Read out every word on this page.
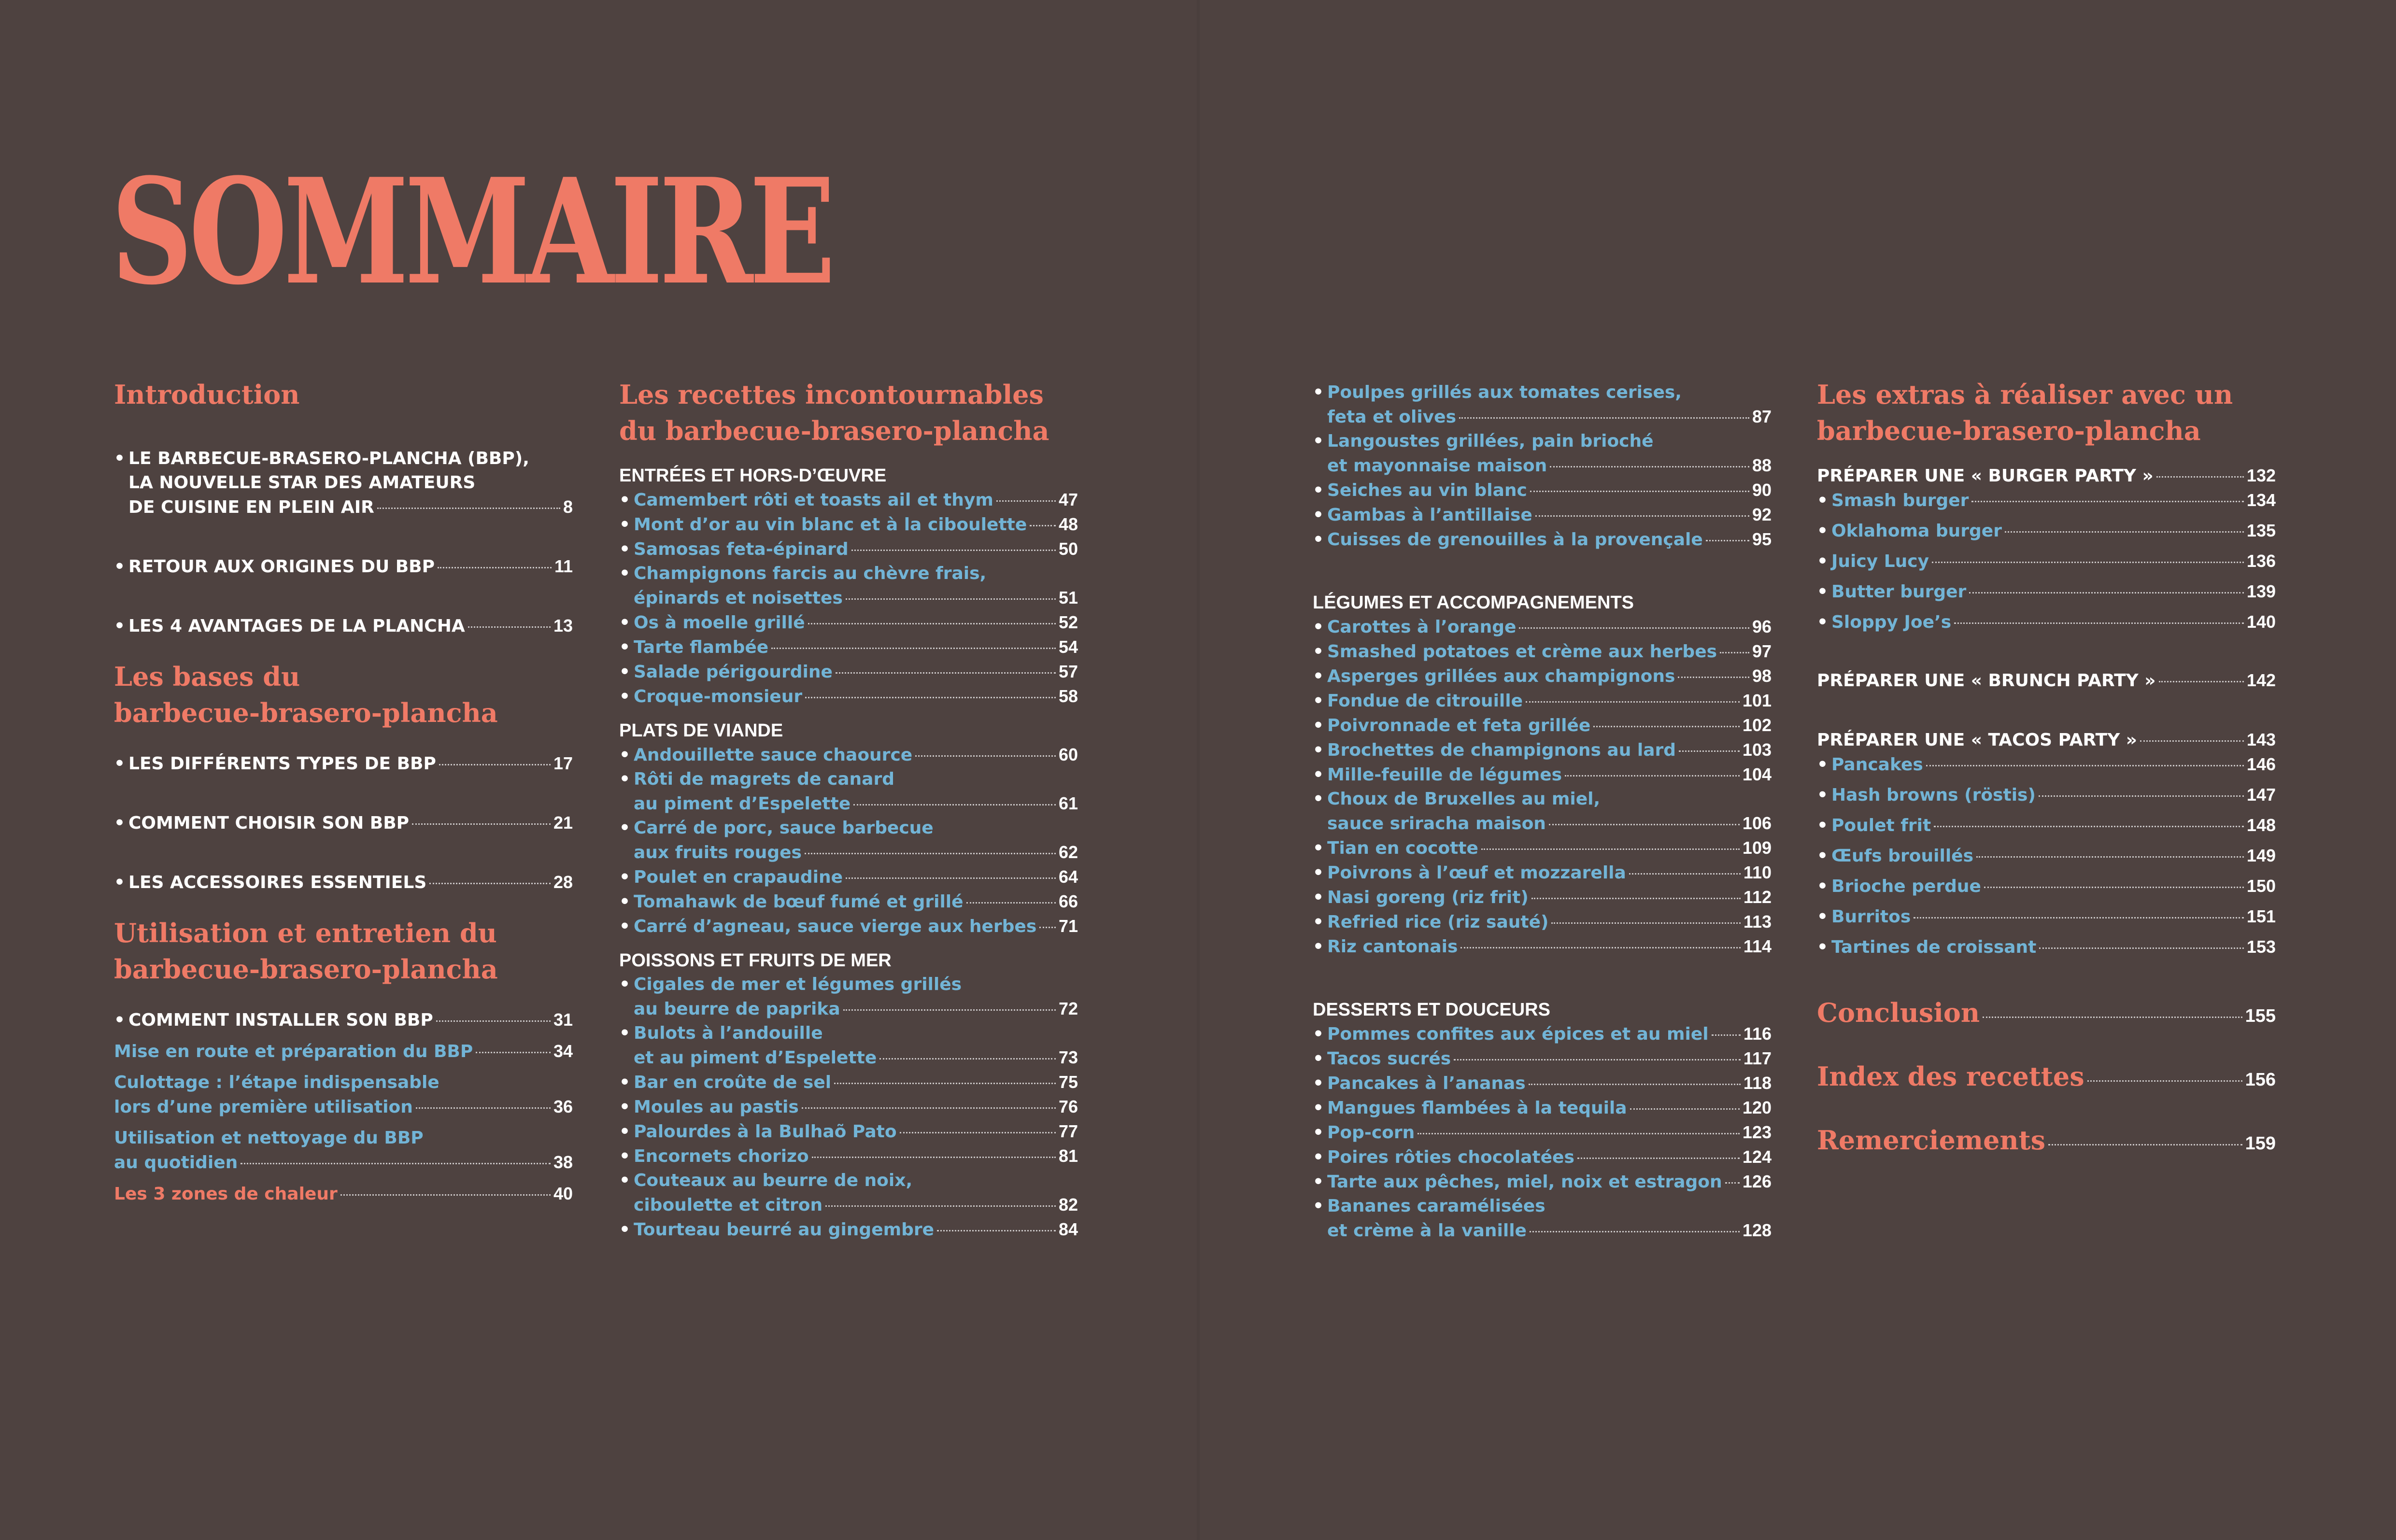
SOMMAIRE
Introduction
• LE BARBECUE-BRASERO-PLANCHA (BBP),
LA NOUVELLE STAR DES AMATEURS
DE CUISINE EN PLEIN AIR	8
• RETOUR AUX ORIGINES DU BBP	11
• LES 4 AVANTAGES DE LA PLANCHA	13
Les bases du
barbecue-brasero-plancha
• LES DIFFÉRENTS TYPES DE BBP	17
• COMMENT CHOISIR SON BBP	21
• LES ACCESSOIRES ESSENTIELS	28
Utilisation et entretien du
barbecue-brasero-plancha
• COMMENT INSTALLER SON BBP	31
Mise en route et préparation du BBP	34
Culottage : l’étape indispensable
lors d’une première utilisation	36
Utilisation et nettoyage du BBP
au quotidien	38
Les 3 zones de chaleur	40
Les recettes incontournables
du barbecue-brasero-plancha
ENTRÉES ET HORS-D’ŒUVRE
• Camembert rôti et toasts ail et thym	47
• Mont d’or au vin blanc et à la ciboulette 48
• Samosas feta-épinard	50
• Champignons farcis au chèvre frais,
épinards et noisettes	51
• Os à moelle grillé	52
• Tarte flambée	54
• Salade périgourdine	57
• Croque-monsieur	58
PLATS DE VIANDE
• Andouillette sauce chaource	60
• Rôti de magrets de canard
au piment d’Espelette	61
• Carré de porc, sauce barbecue
aux fruits rouges	62
• Poulet en crapaudine	64
• Tomahawk de bœuf fumé et grillé	66
• Carré d’agneau, sauce vierge aux herbes 71
POISSONS ET FRUITS DE MER
• Cigales de mer et légumes grillés
au beurre de paprika	72
• Bulots à l’andouille
et au piment d’Espelette	73
• Bar en croûte de sel	75
• Moules au pastis	76
• Palourdes à la Bulhaõ Pato	77
• Encornets chorizo	81
• Couteaux au beurre de noix,
ciboulette et citron	82
• Tourteau beurré au gingembre	84
• Poulpes grillés aux tomates cerises,
feta et olives	87
• Langoustes grillées, pain brioché
et mayonnaise maison	88
• Seiches au vin blanc	90
• Gambas à l’antillaise	92
• Cuisses de grenouilles à la provençale	95
LÉGUMES ET ACCOMPAGNEMENTS
• Carottes à l’orange	96
• Smashed potatoes et crème aux herbes 97
• Asperges grillées aux champignons	98
• Fondue de citrouille	101
• Poivronnade et feta grillée	102
• Brochettes de champignons au lard	103
• Mille-feuille de légumes	104
• Choux de Bruxelles au miel,
sauce sriracha maison	106
• Tian en cocotte	109
• Poivrons à l’œuf et mozzarella	110
• Nasi goreng (riz frit)	112
• Refried rice (riz sauté)	113
• Riz cantonais	114
DESSERTS ET DOUCEURS
• Pommes confites aux épices et au miel 116
• Tacos sucrés	117
• Pancakes à l’ananas	118
• Mangues flambées à la tequila	120
• Pop-corn	123
• Poires rôties chocolatées	124
• Tarte aux pêches, miel, noix et estragon 126
• Bananes caramélisées
et crème à la vanille	128
Les extras à réaliser avec un
barbecue-brasero-plancha
PRÉPARER UNE « BURGER PARTY »	132
• Smash burger	134
• Oklahoma burger	135
• Juicy Lucy	136
• Butter burger	139
• Sloppy Joe’s	140
PRÉPARER UNE « BRUNCH PARTY »	142
PRÉPARER UNE « TACOS PARTY »	143
• Pancakes	146
• Hash browns (röstis)	147
• Poulet frit	148
• Œufs brouillés	149
• Brioche perdue	150
• Burritos	151
• Tartines de croissant	153
Conclusion	155
Index des recettes	156
Remerciements	159
